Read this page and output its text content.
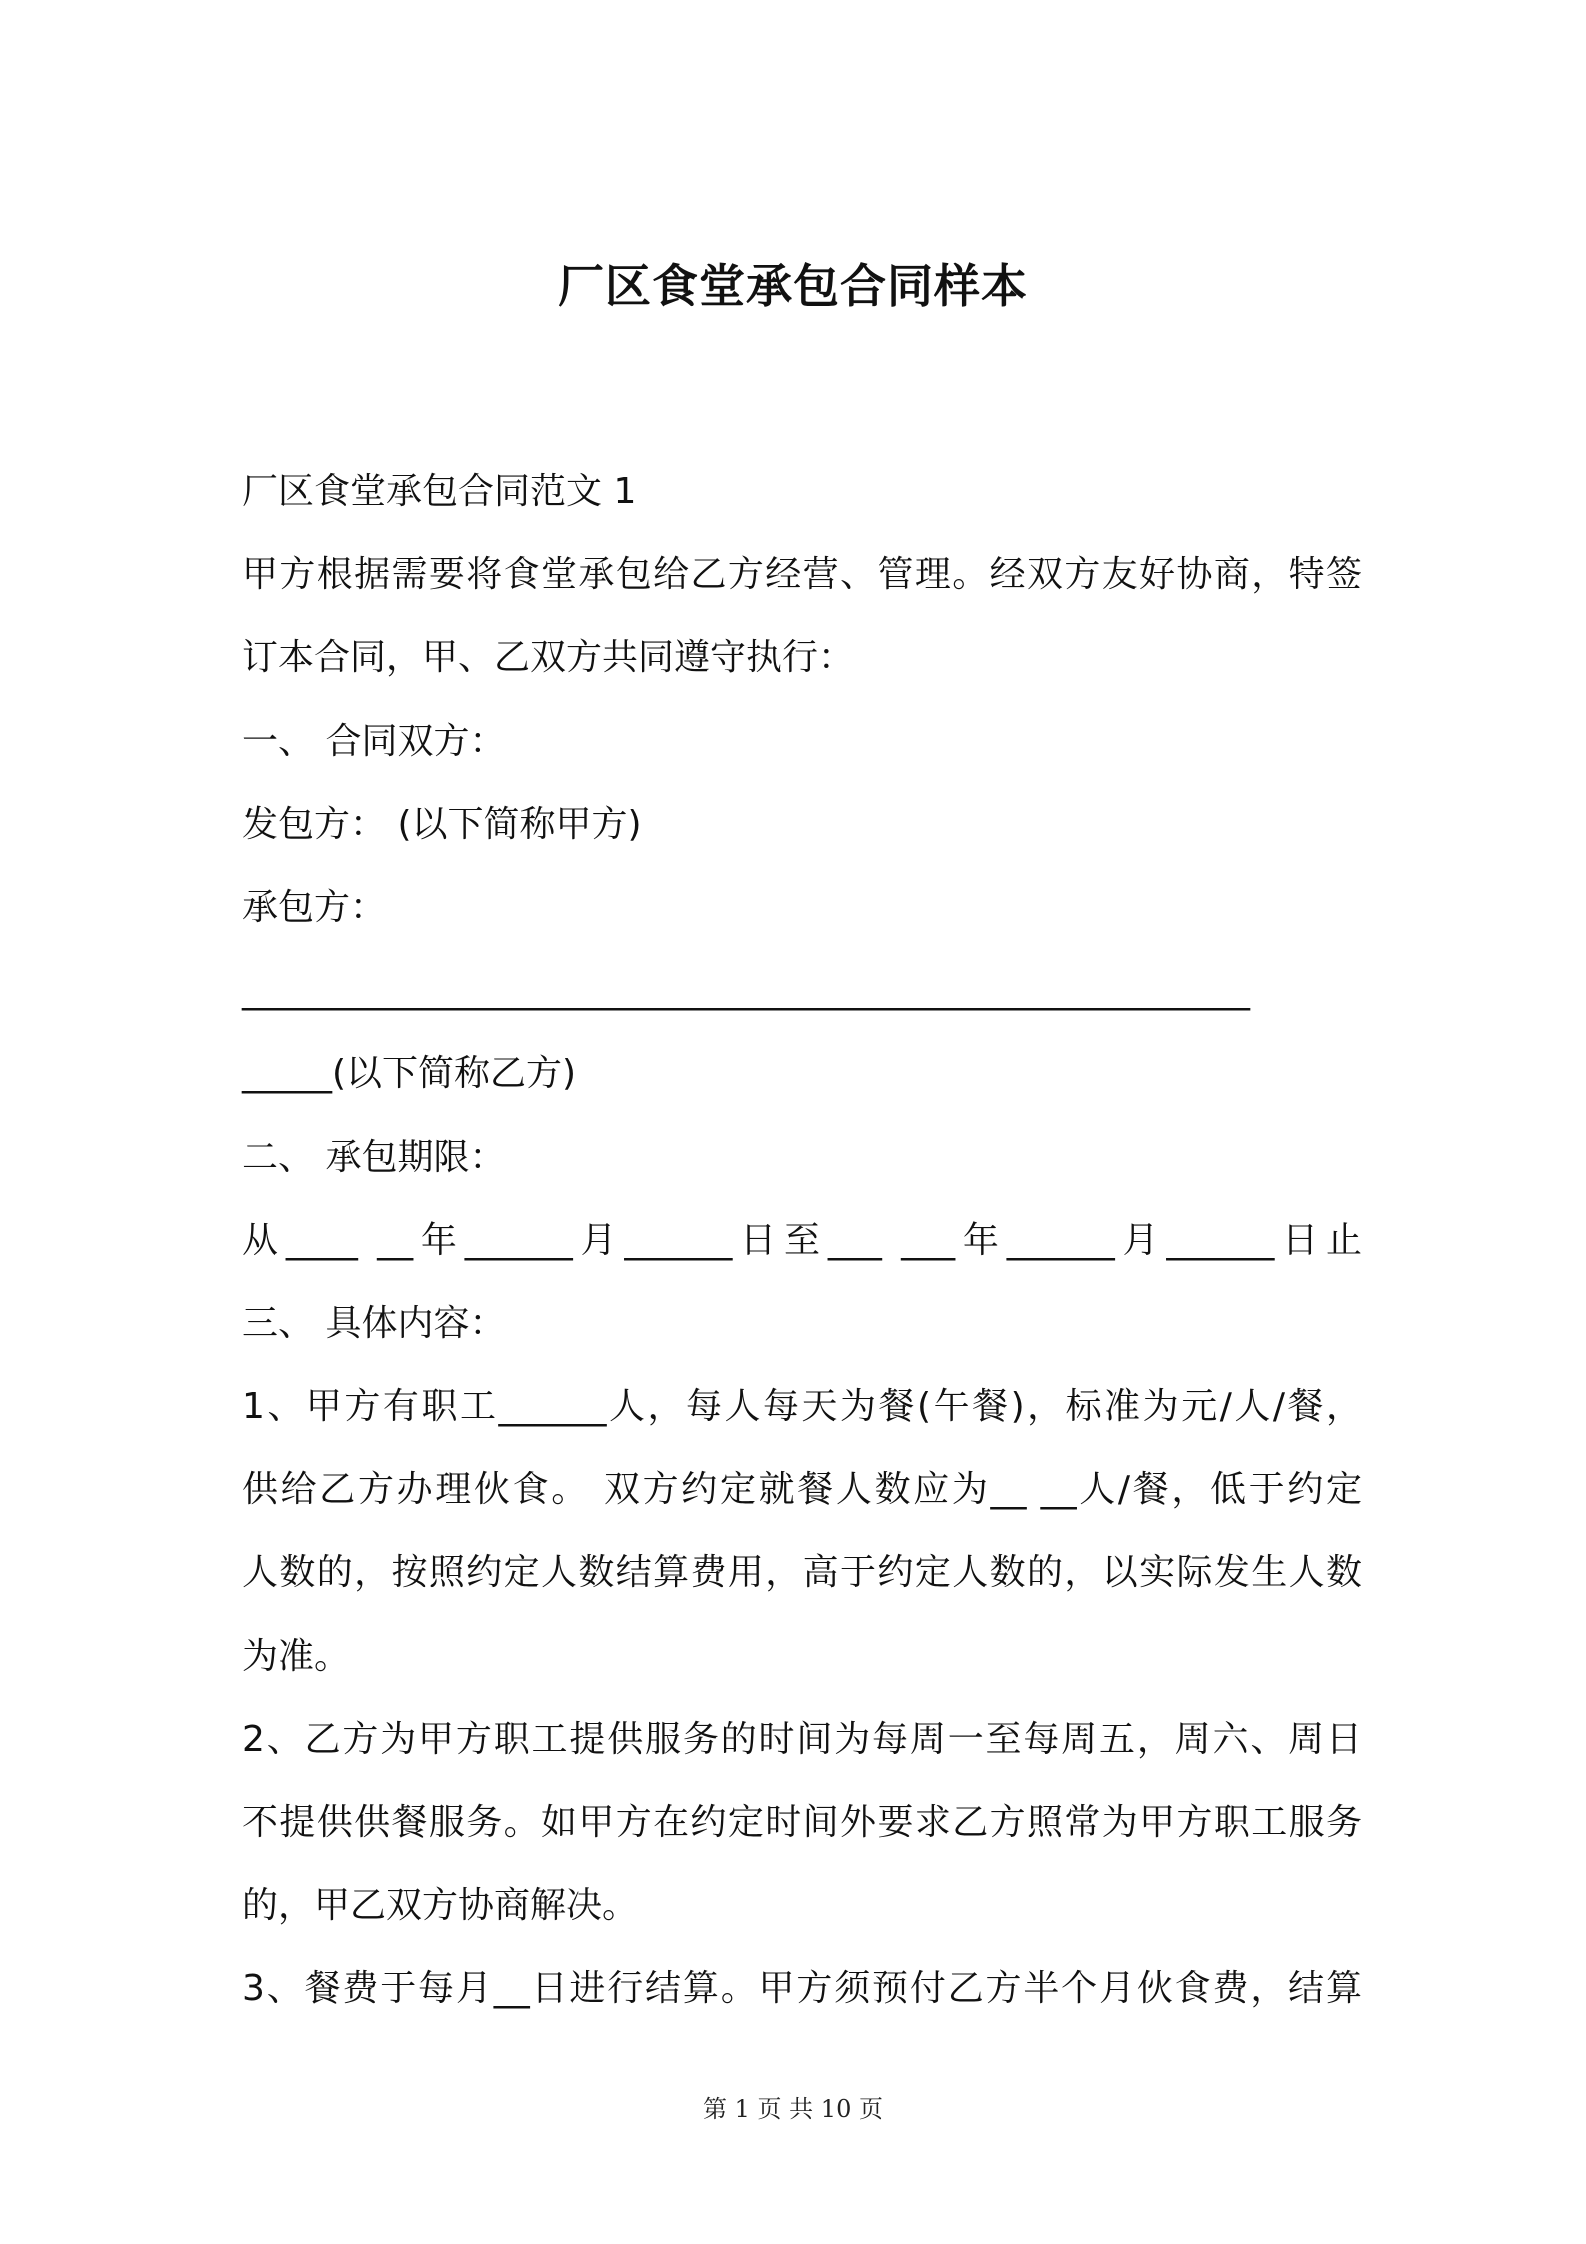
厂区食堂承包合同样本
厂区食堂承包合同范文 1
甲方根据需要将食堂承包给乙方经营、管理。经双方友好协商，特签
订本合同，甲、乙双方共同遵守执行：
一、 合同双方：
发包方： (以下简称甲方)
承包方：
________________________________________________________
_____(以下简称乙方)
二、 承包期限：
从____ __年______月______日至___ ___年______月______日止
三、 具体内容：
1、甲方有职工______人，每人每天为餐(午餐)，标准为元/人/餐，
供给乙方办理伙食。 双方约定就餐人数应为__ __人/餐，低于约定
人数的，按照约定人数结算费用，高于约定人数的，以实际发生人数
为准。
2、乙方为甲方职工提供服务的时间为每周一至每周五，周六、周日
不提供供餐服务。如甲方在约定时间外要求乙方照常为甲方职工服务
的，甲乙双方协商解决。
3、餐费于每月__日进行结算。甲方须预付乙方半个月伙食费，结算
第 1 页 共 10 页
